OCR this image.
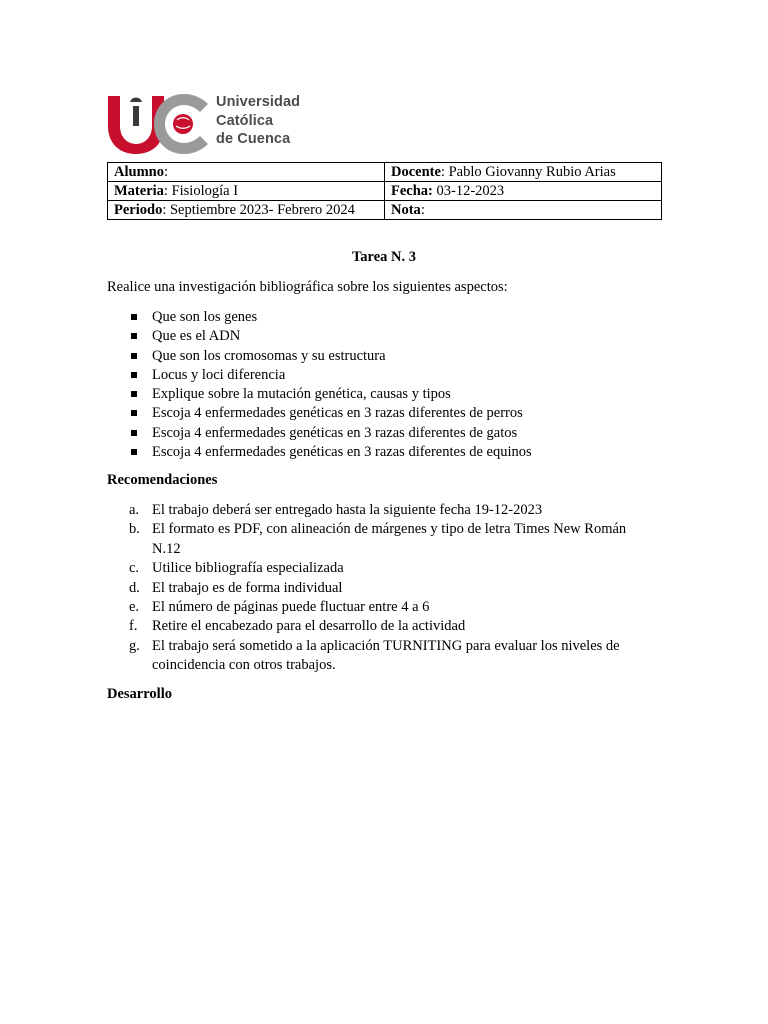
Universidad
Católica
de Cuenca
Alumno:	Docente: Pablo Giovanny Rubio Arias
Materia: Fisiología I	Fecha: 03-12-2023
Periodo: Septiembre 2023- Febrero 2024	Nota:
Tarea N. 3
Realice una investigación bibliográfica sobre los siguientes aspectos:
Que son los genes
Que es el ADN
Que son los cromosomas y su estructura
Locus y loci diferencia
Explique sobre la mutación genética, causas y tipos
Escoja 4 enfermedades genéticas en 3 razas diferentes de perros
Escoja 4 enfermedades genéticas en 3 razas diferentes de gatos
Escoja 4 enfermedades genéticas en 3 razas diferentes de equinos
Recomendaciones
a. El trabajo deberá ser entregado hasta la siguiente fecha 19-12-2023
b. El formato es PDF, con alineación de márgenes y tipo de letra Times New Román N.12
c. Utilice bibliografía especializada
d. El trabajo es de forma individual
e. El número de páginas puede fluctuar entre 4 a 6
f. Retire el encabezado para el desarrollo de la actividad
g. El trabajo será sometido a la aplicación TURNITING para evaluar los niveles de coincidencia con otros trabajos.
Desarrollo
